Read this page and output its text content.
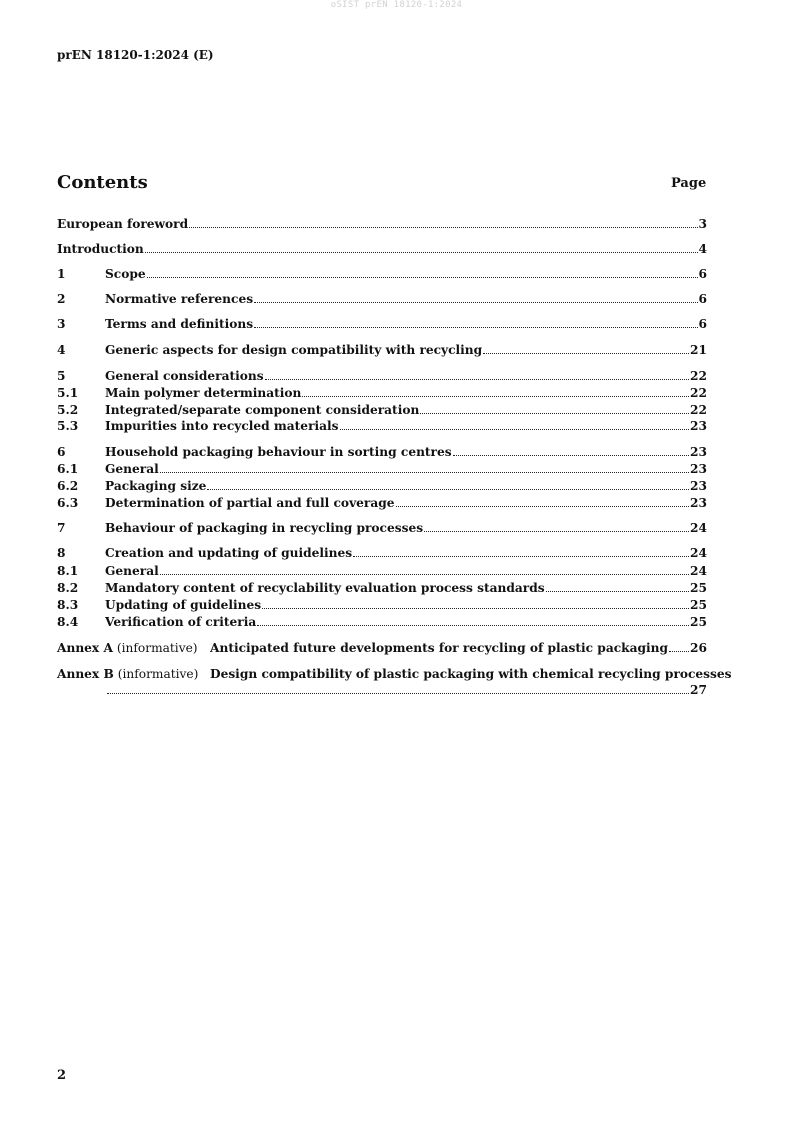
oSIST prEN 18120-1:2024
prEN 18120-1:2024 (E)
Contents	Page
European foreword	3
Introduction	4
1	Scope	6
2	Normative references	6
3	Terms and definitions	6
4	Generic aspects for design compatibility with recycling	21
5	General considerations	22
5.1 Main polymer determination	22
5.2 Integrated/separate component consideration	22
5.3 Impurities into recycled materials	23
6	Household packaging behaviour in sorting centres	23
6.1 General	23
6.2 Packaging size	23
6.3 Determination of partial and full coverage	23
7	Behaviour of packaging in recycling processes	24
8	Creation and updating of guidelines	24
8.1 General	24
8.2 Mandatory content of recyclability evaluation process standards	25
8.3 Updating of guidelines	25
8.4 Verification of criteria	25
Annex A (informative) Anticipated future developments for recycling of plastic packaging 26
Annex B (informative) Design compatibility of plastic packaging with chemical recycling processes
27
2
